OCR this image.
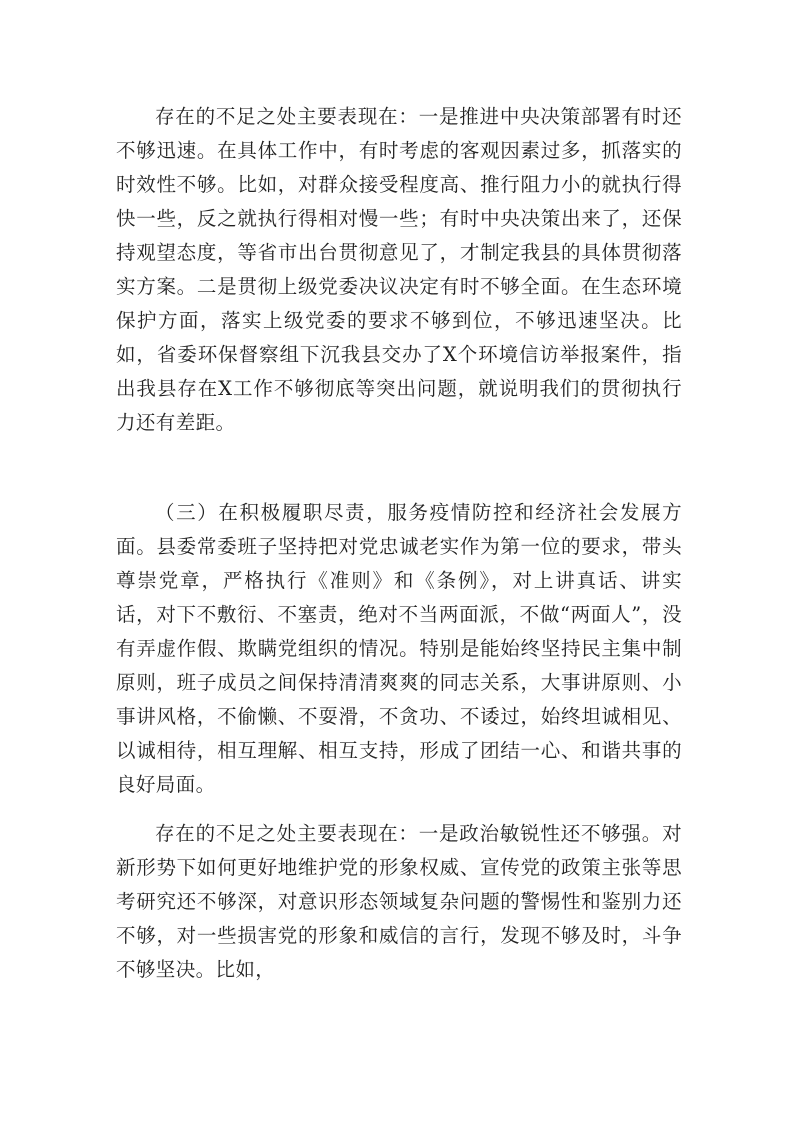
存在的不足之处主要表现在：一是推进中央决策部署有时还不够迅速。在具体工作中，有时考虑的客观因素过多，抓落实的时效性不够。比如，对群众接受程度高、推行阻力小的就执行得快一些，反之就执行得相对慢一些；有时中央决策出来了，还保持观望态度，等省市出台贯彻意见了，才制定我县的具体贯彻落实方案。二是贯彻上级党委决议决定有时不够全面。在生态环境保护方面，落实上级党委的要求不够到位，不够迅速坚决。比如，省委环保督察组下沉我县交办了X个环境信访举报案件，指出我县存在X工作不够彻底等突出问题，就说明我们的贯彻执行力还有差距。

（三）在积极履职尽责，服务疫情防控和经济社会发展方面。县委常委班子坚持把对党忠诚老实作为第一位的要求，带头尊崇党章，严格执行《准则》和《条例》，对上讲真话、讲实话，对下不敷衍、不塞责，绝对不当两面派，不做“两面人”，没有弄虚作假、欺瞒党组织的情况。特别是能始终坚持民主集中制原则，班子成员之间保持清清爽爽的同志关系，大事讲原则、小事讲风格，不偷懒、不耍滑，不贪功、不诿过，始终坦诚相见、以诚相待，相互理解、相互支持，形成了团结一心、和谐共事的良好局面。

存在的不足之处主要表现在：一是政治敏锐性还不够强。对新形势下如何更好地维护党的形象权威、宣传党的政策主张等思考研究还不够深，对意识形态领域复杂问题的警惕性和鉴别力还不够，对一些损害党的形象和威信的言行，发现不够及时，斗争不够坚决。比如，
